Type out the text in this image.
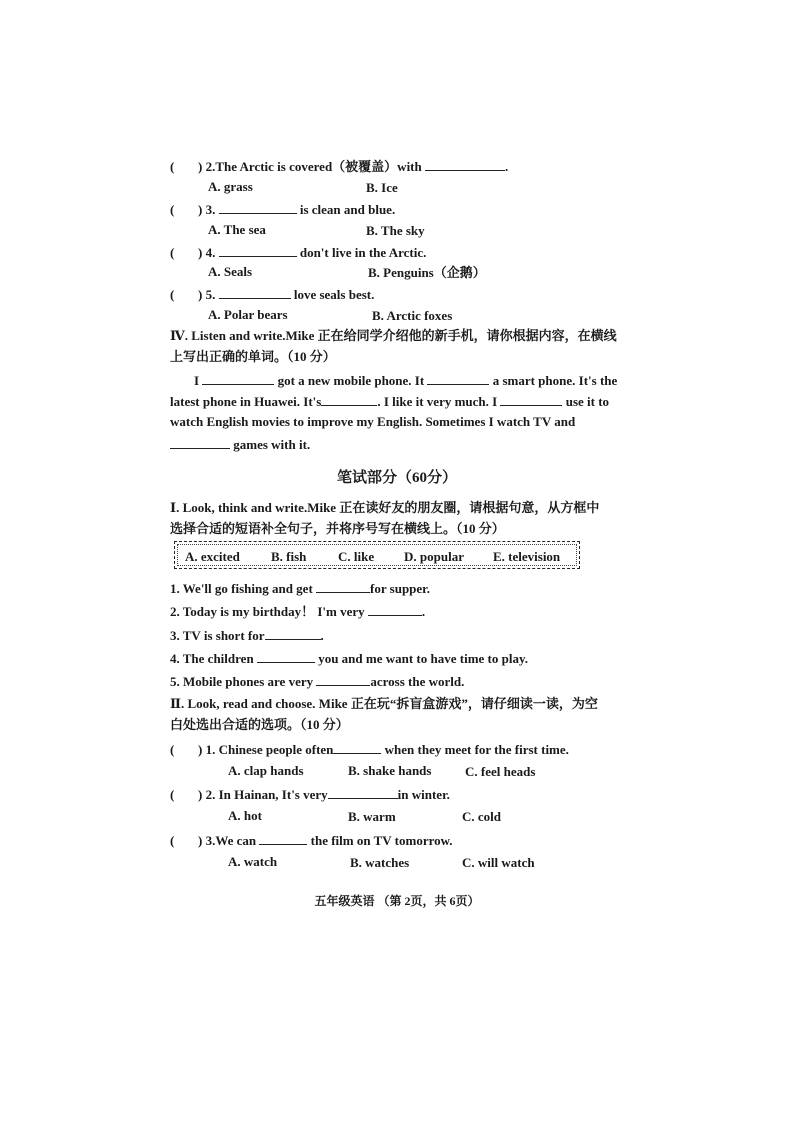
( ) 2.The Arctic is covered（被覆盖）with	.
A. grass	B. Ice
( ) 3.	is clean and blue.
A. The sea	B. The sky
( ) 4.	don't live in the Arctic.
A. Seals	B. Penguins（企鹅）
( ) 5.	love seals best.
A. Polar bears	B. Arctic foxes
Ⅳ. Listen and write.Mike 正在给同学介绍他的新手机，请你根据内容，在横线
上写出正确的单词。（10 分）
I	got a new mobile phone. It	a smart phone. It's the
latest phone in Huawei. It's	. I like it very much. I	use it to
watch English movies to improve my English. Sometimes I watch TV and
games with it.
笔试部分（60分）
Ⅰ. Look, think and write.Mike 正在读好友的朋友圈，请根据句意，从方框中
选择合适的短语补全句子，并将序号写在横线上。（10 分）
A. excited B. fish C. like D. popular E. television
1. We'll go fishing and get	for supper.
2. Today is my birthday！ I'm very	.
3. TV is short for	.
4. The children	you and me want to have time to play.
5. Mobile phones are very	across the world.
Ⅱ. Look, read and choose. Mike 正在玩“拆盲盒游戏”，请仔细读一读，为空
白处选出合适的选项。（10 分）
( ) 1. Chinese people often	when they meet for the first time.
A. clap hands	B. shake hands	C. feel heads
( ) 2. In Hainan, It's very	in winter.
A. hot	B. warm	C. cold
( ) 3.We can	the film on TV tomorrow.
A. watch	B. watches	C. will watch
五年级英语 （第 2页，共 6页）
